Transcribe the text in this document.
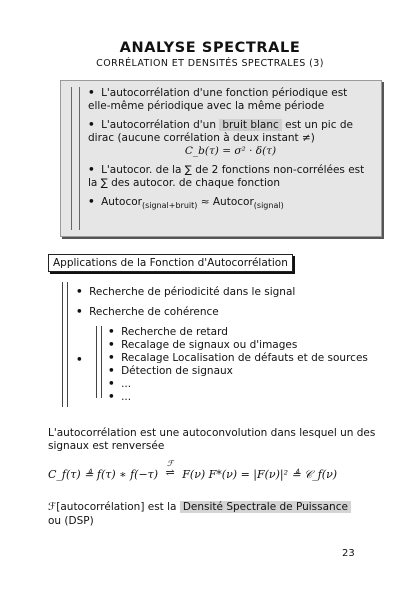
ANALYSE SPECTRALE
CORRÉLATION ET DENSITÉS SPECTRALES (3)
• L'autocorrélation d'une fonction périodique est elle-même périodique avec la même période
• L'autocorrélation d'un bruit blanc est un pic de dirac (aucune corrélation à deux instant ≠)
C_b(τ) = σ² · δ(τ)
• L'autocor. de la ∑ de 2 fonctions non-corrélées est la ∑ des autocor. de chaque fonction
• Autocor$_{(signal+bruit)}$ ≈ Autocor$_{(signal)}$
Applications de la Fonction d'Autocorrélation
• Recherche de périodicité dans le signal
• Recherche de cohérence
•
• Recherche de retard
• Recalage de signaux ou d'images
• Recalage Localisation de défauts et de sources
• Détection de signaux
• ...
• ...
L'autocorrélation est une autoconvolution dans lesquel un des signaux est renversée
C_f(τ) ≜ f(τ) ∗ f(−τ)
ℱ
⇌ F(ν) F*(ν) = |F(ν)|² ≜ 𝒞_f(ν)
ℱ[autocorrélation] est la Densité Spectrale de Puissance
ou (DSP)
23
